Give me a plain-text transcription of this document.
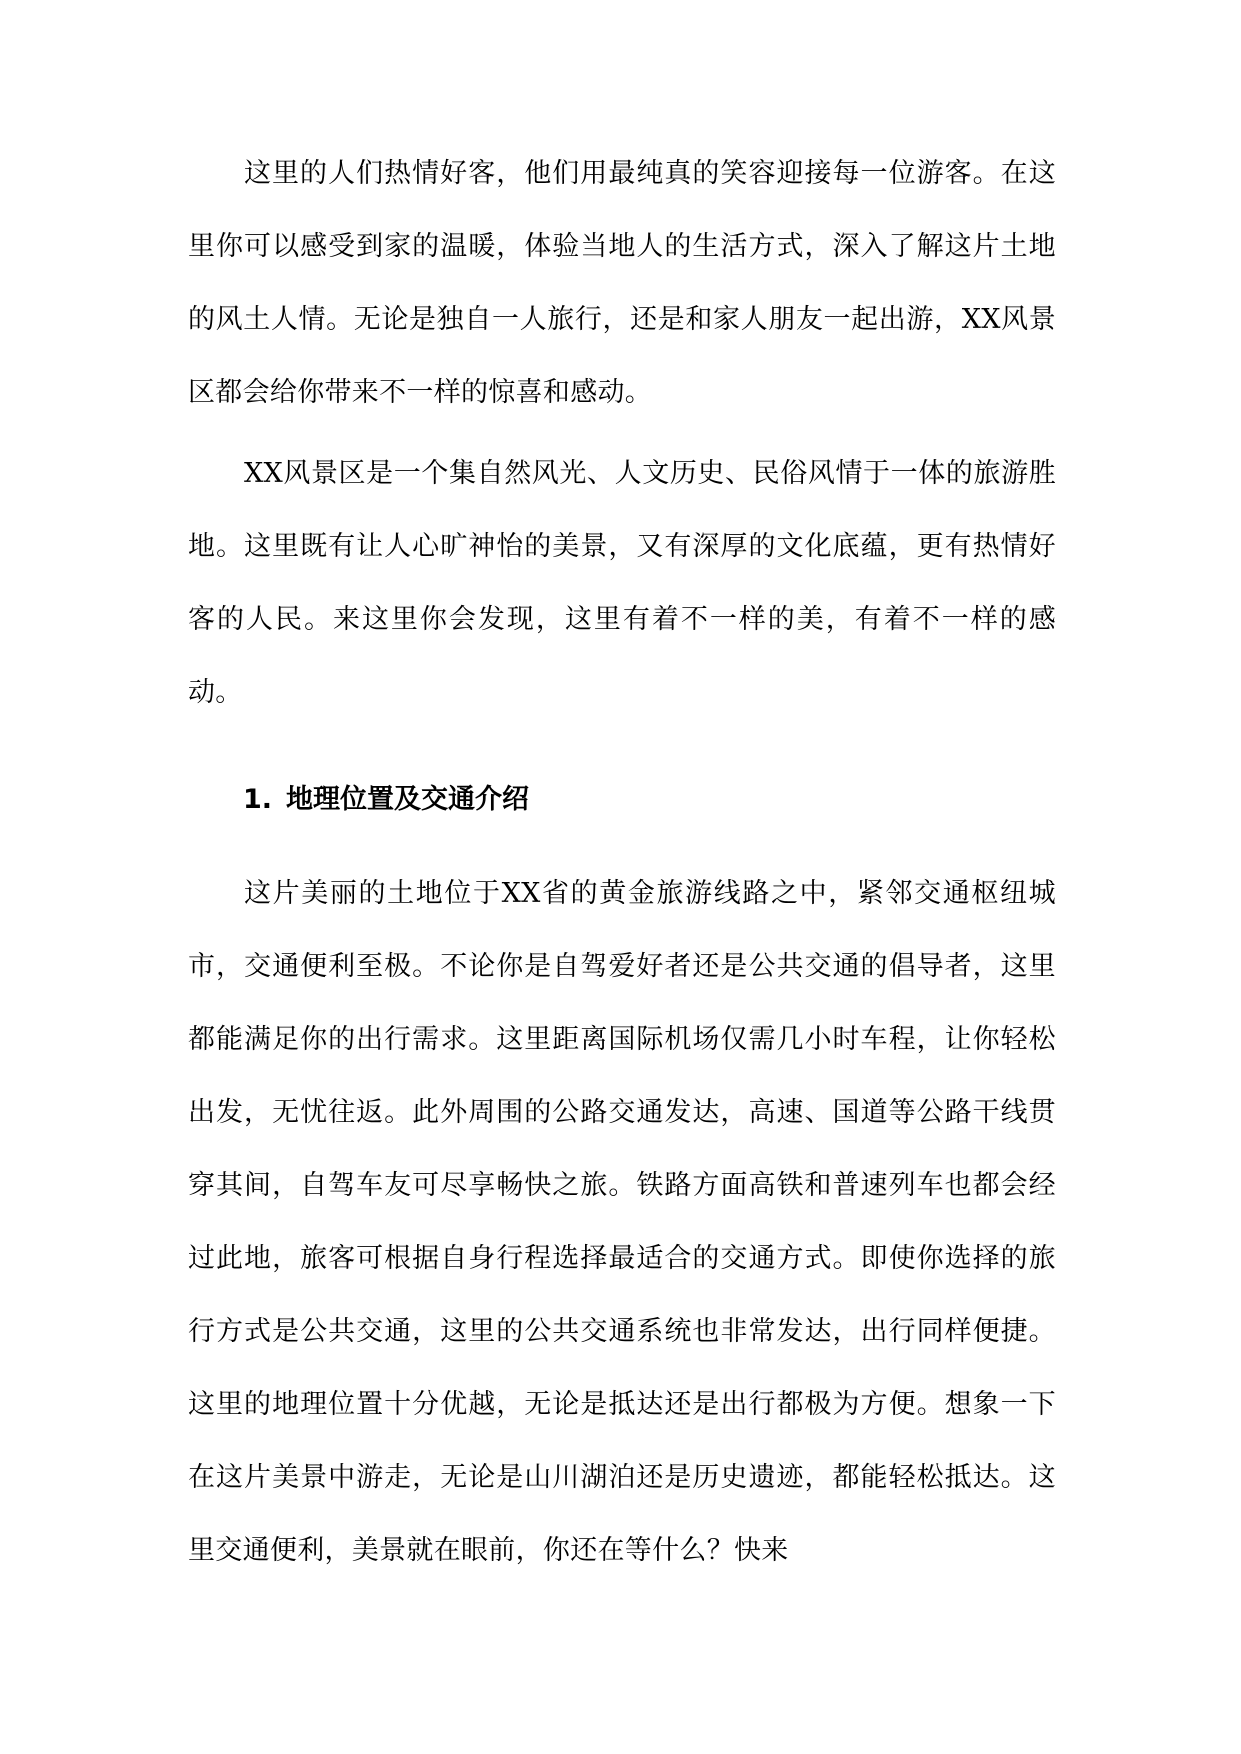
这里的人们热情好客，他们用最纯真的笑容迎接每一位游客。在这里你可以感受到家的温暖，体验当地人的生活方式，深入了解这片土地的风土人情。无论是独自一人旅行，还是和家人朋友一起出游，XX风景区都会给你带来不一样的惊喜和感动。

XX风景区是一个集自然风光、人文历史、民俗风情于一体的旅游胜地。这里既有让人心旷神怡的美景，又有深厚的文化底蕴，更有热情好客的人民。来这里你会发现，这里有着不一样的美，有着不一样的感动。

1. 地理位置及交通介绍

这片美丽的土地位于XX省的黄金旅游线路之中，紧邻交通枢纽城市，交通便利至极。不论你是自驾爱好者还是公共交通的倡导者，这里都能满足你的出行需求。这里距离国际机场仅需几小时车程，让你轻松出发，无忧往返。此外周围的公路交通发达，高速、国道等公路干线贯穿其间，自驾车友可尽享畅快之旅。铁路方面高铁和普速列车也都会经过此地，旅客可根据自身行程选择最适合的交通方式。即使你选择的旅行方式是公共交通，这里的公共交通系统也非常发达，出行同样便捷。这里的地理位置十分优越，无论是抵达还是出行都极为方便。想象一下在这片美景中游走，无论是山川湖泊还是历史遗迹，都能轻松抵达。这里交通便利，美景就在眼前，你还在等什么？快来
